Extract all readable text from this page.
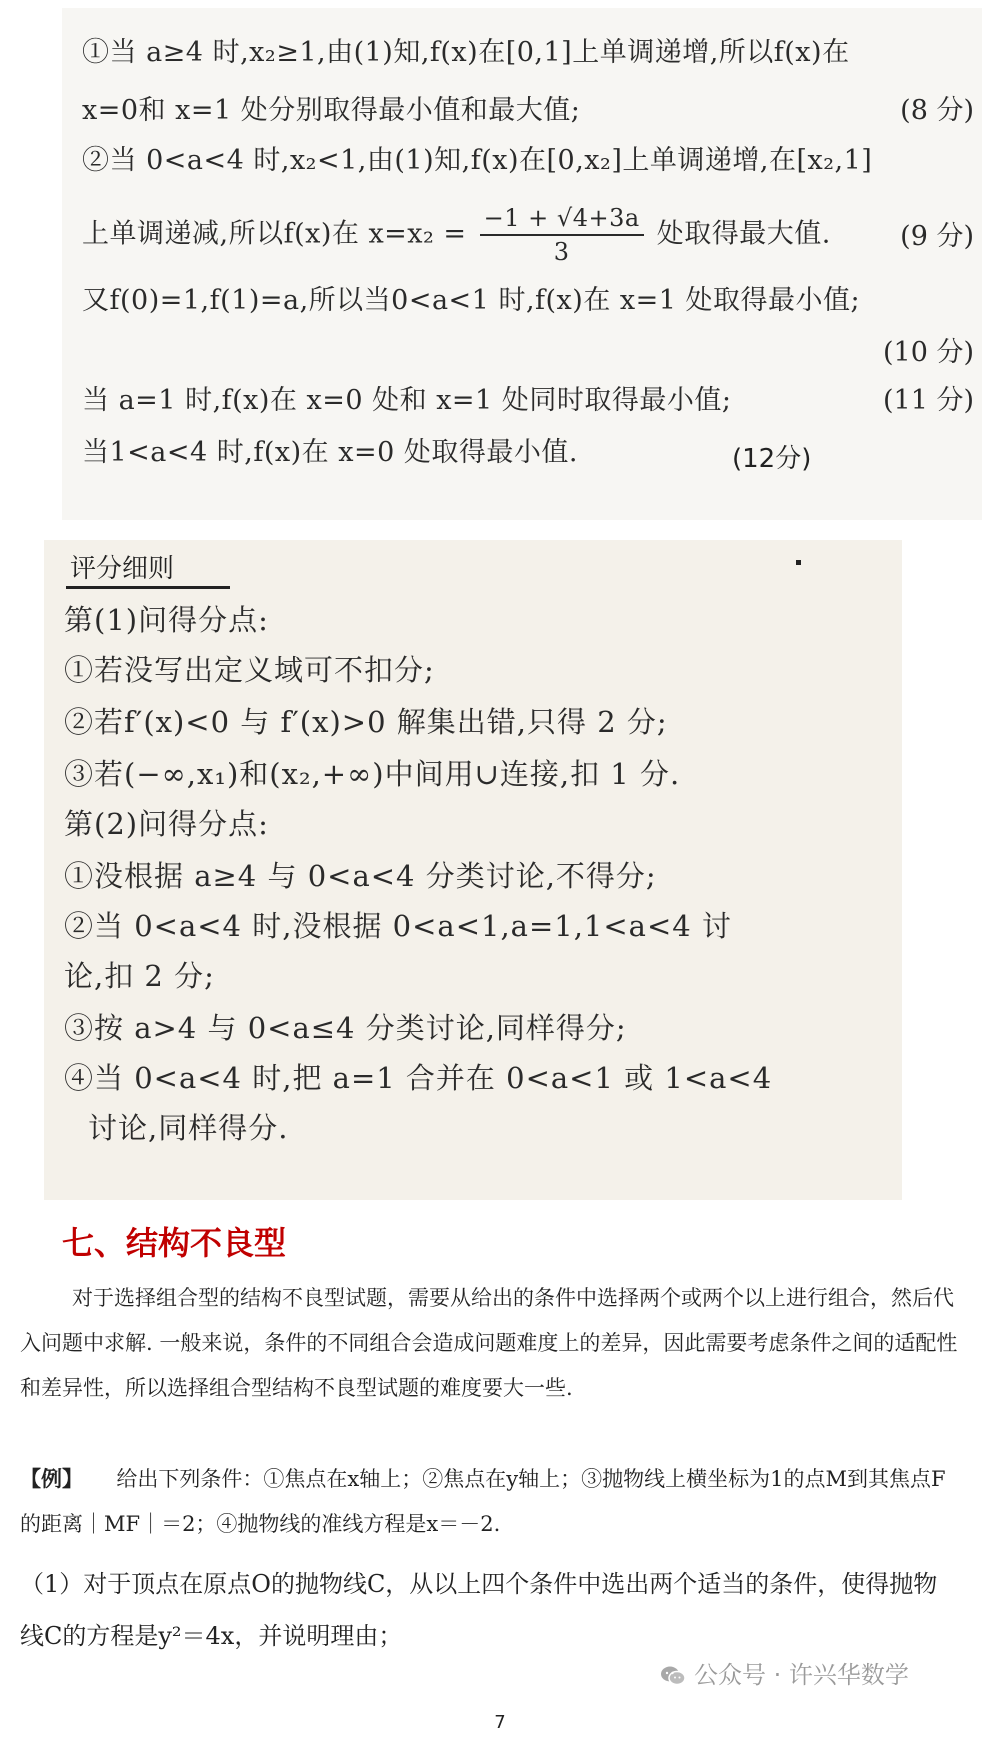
①当 a≥4 时,x₂≥1,由(1)知,f(x)在[0,1]上单调递增,所以f(x)在
x=0和 x=1 处分别取得最小值和最大值;	(8 分)
②当 0<a<4 时,x₂<1,由(1)知,f(x)在[0,x₂]上单调递增,在[x₂,1]
上单调递减,所以f(x)在 $x=x_2 = \frac{-1 + √4+3a}{3}$ 处取得最大值.	(9 分)
又f(0)=1,f(1)=a,所以当0<a<1 时,f(x)在 x=1 处取得最小值;
(10 分)
当 a=1 时,f(x)在 x=0 处和 x=1 处同时取得最小值;	(11 分)
当1<a<4 时,f(x)在 x=0 处取得最小值.	(12分)
评分细则
第(1)问得分点:
①若没写出定义域可不扣分;
②若f′(x)<0 与 f′(x)>0 解集出错,只得 2 分;
③若(−∞,x₁)和(x₂,+∞)中间用∪连接,扣 1 分.
第(2)问得分点:
①没根据 a≥4 与 0<a<4 分类讨论,不得分;
②当 0<a<4 时,没根据 0<a<1,a=1,1<a<4 讨
论,扣 2 分;
③按 a>4 与 0<a≤4 分类讨论,同样得分;
④当 0<a<4 时,把 a=1 合并在 0<a<1 或 1<a<4
讨论,同样得分.
七、结构不良型
对于选择组合型的结构不良型试题，需要从给出的条件中选择两个或两个以上进行组合，然后代入问题中求解. 一般来说，条件的不同组合会造成问题难度上的差异，因此需要考虑条件之间的适配性和差异性，所以选择组合型结构不良型试题的难度要大一些.
【例】 给出下列条件：①焦点在x轴上；②焦点在y轴上；③抛物线上横坐标为1的点M到其焦点F的距离｜MF｜＝2；④抛物线的准线方程是x＝－2.
（1）对于顶点在原点O的抛物线C，从以上四个条件中选出两个适当的条件，使得抛物线C的方程是y²＝4x，并说明理由；
公众号 · 许兴华数学
7
